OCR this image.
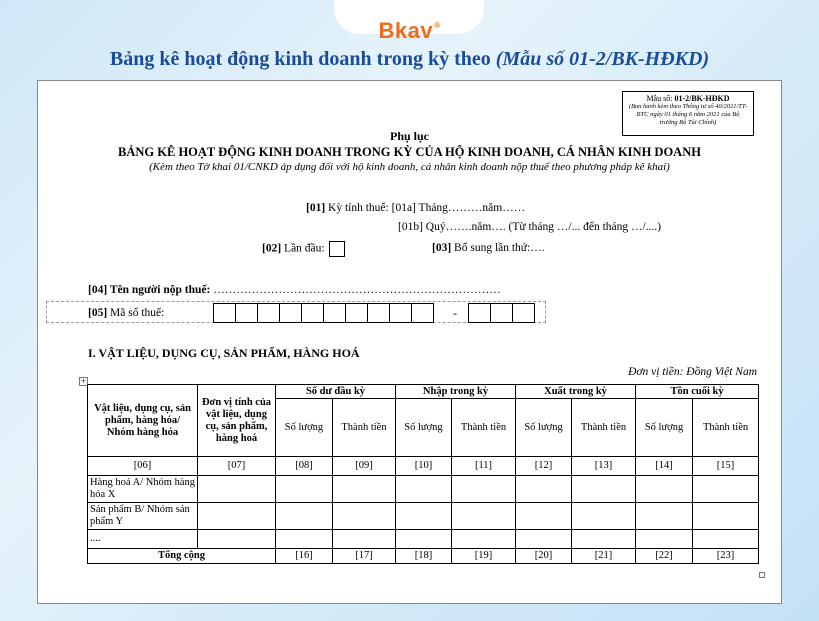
Bkav®
Bảng kê hoạt động kinh doanh trong kỳ theo (Mẫu số 01-2/BK-HĐKD)
Mẫu số: 01-2/BK-HĐKD
(Ban hành kèm theo Thông tư số 40/2021/TT-BTC ngày 01 tháng 6 năm 2021 của Bộ trưởng Bộ Tài Chính)
Phụ lục
BẢNG KÊ HOẠT ĐỘNG KINH DOANH TRONG KỲ CỦA HỘ KINH DOANH, CÁ NHÂN KINH DOANH
(Kèm theo Tờ khai 01/CNKD áp dụng đối với hộ kinh doanh, cá nhân kinh doanh nộp thuế theo phương pháp kê khai)
[01] Kỳ tính thuế: [01a] Tháng………năm……
[01b] Quý…….năm…. (Từ tháng …/... đến tháng …/....)
[02] Lần đầu:	[03] Bổ sung lần thứ:….
[04] Tên người nộp thuế: …………………………………………………………………
[05] Mã số thuế:	-
I. VẬT LIỆU, DỤNG CỤ, SẢN PHẨM, HÀNG HOÁ
Đơn vị tiền: Đồng Việt Nam
+
Vật liệu, dụng cụ, sản phẩm, hàng hóa/ Nhóm hàng hóa	Đơn vị tính của vật liệu, dụng cụ, sản phẩm, hàng hoá	Số dư đầu kỳ		Nhập trong kỳ		Xuất trong kỳ		Tồn cuối kỳ	
		Số lượng	Thành tiền	Số lượng	Thành tiền	Số lượng	Thành tiền	Số lượng	Thành tiền
[06]	[07]	[08]	[09]	[10]	[11]	[12]	[13]	[14]	[15]
Hàng hoá A/ Nhóm hàng hóa X									
Sản phẩm B/ Nhóm sản phẩm Y									
....									
Tổng cộng		[16]	[17]	[18]	[19]	[20]	[21]	[22]	[23]
